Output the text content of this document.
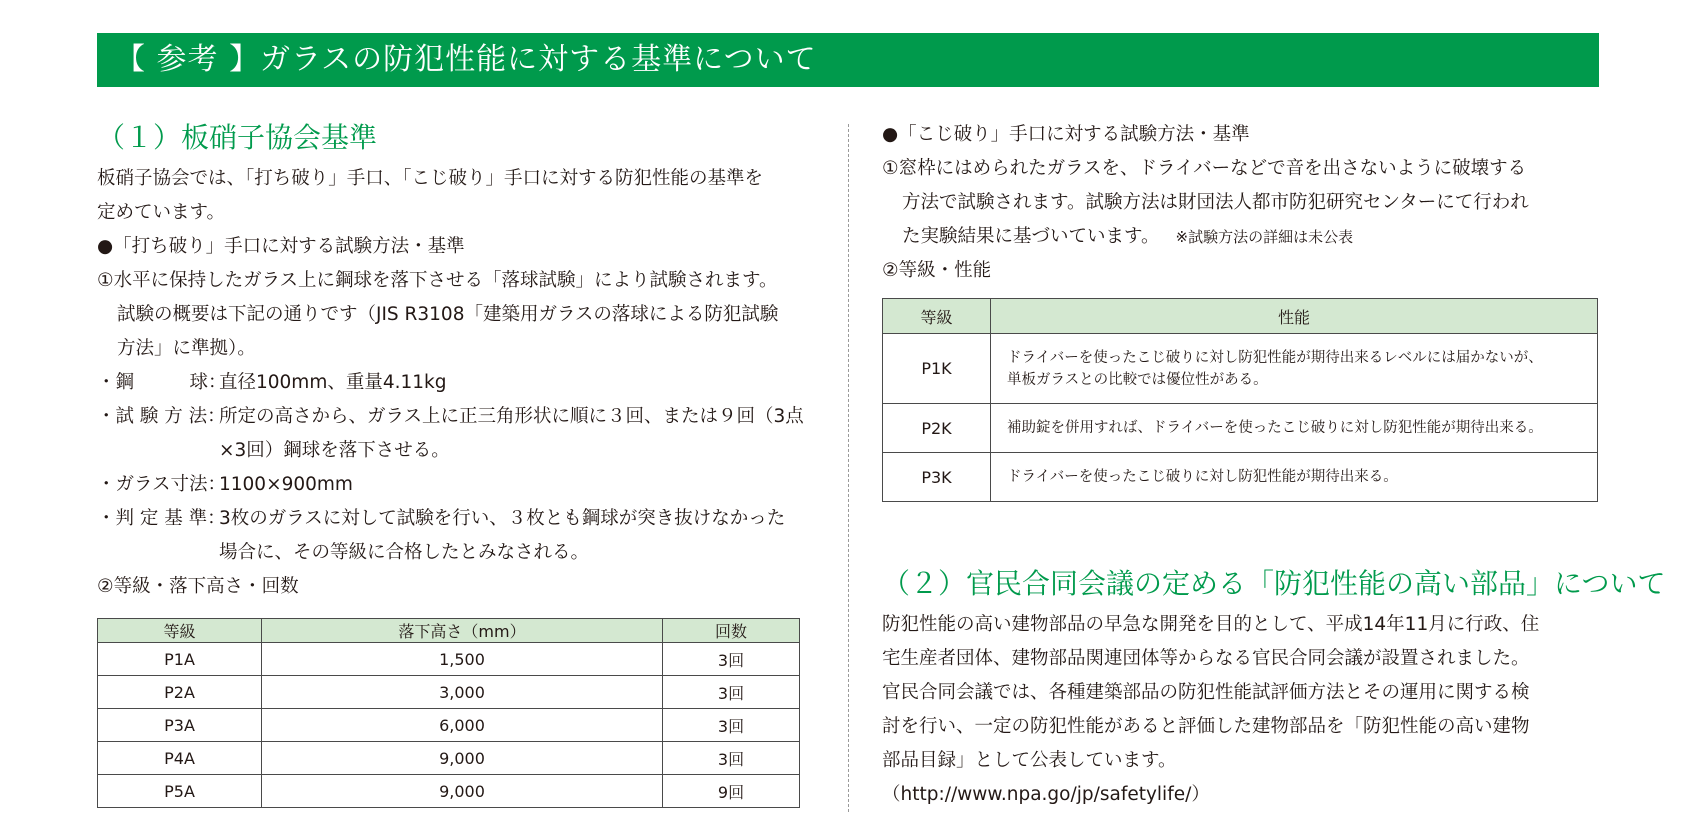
【 参考 】ガラスの防犯性能に対する基準について
（１）板硝子協会基準

板硝子協会では、「打ち破り」手口、「こじ破り」手口に対する防犯性能の基準を

定めています。

●「打ち破り」手口に対する試験方法・基準

①水平に保持したガラス上に鋼球を落下させる「落球試験」により試験されます。

試験の概要は下記の通りです（JIS R3108「建築用ガラスの落球による防犯試験

方法」に準拠）。

・鋼　　　球：
直径100mm、重量4.11kg
・試 験 方 法：
所定の高さから、ガラス上に正三角形状に順に３回、または９回（3点
×3回）鋼球を落下させる。
・ガラス寸法：
1100×900mm
・判 定 基 準：
3枚のガラスに対して試験を行い、３枚とも鋼球が突き抜けなかった
場合に、その等級に合格したとみなされる。

②等級・落下高さ・回数

等級	落下高さ（mm）	回数
P1A	1,500	3回
P2A	3,000	3回
P3A	6,000	3回
P4A	9,000	3回
P5A	9,000	9回

●「こじ破り」手口に対する試験方法・基準

①窓枠にはめられたガラスを、ドライバーなどで音を出さないように破壊する

方法で試験されます。試験方法は財団法人都市防犯研究センターにて行われ

た実験結果に基づいています。 ※試験方法の詳細は未公表

②等級・性能

等級	性能
P1K	ドライバーを使ったこじ破りに対し防犯性能が期待出来るレベルには届かないが、
単板ガラスとの比較では優位性がある。
P2K	補助錠を併用すれば、ドライバーを使ったこじ破りに対し防犯性能が期待出来る。
P3K	ドライバーを使ったこじ破りに対し防犯性能が期待出来る。
（２）官民合同会議の定める「防犯性能の高い部品」について

防犯性能の高い建物部品の早急な開発を目的として、平成14年11月に行政、住

宅生産者団体、建物部品関連団体等からなる官民合同会議が設置されました。

官民合同会議では、各種建築部品の防犯性能試評価方法とその運用に関する検

討を行い、一定の防犯性能があると評価した建物部品を「防犯性能の高い建物

部品目録」として公表しています。

（http://www.npa.go/jp/safetylife/）
